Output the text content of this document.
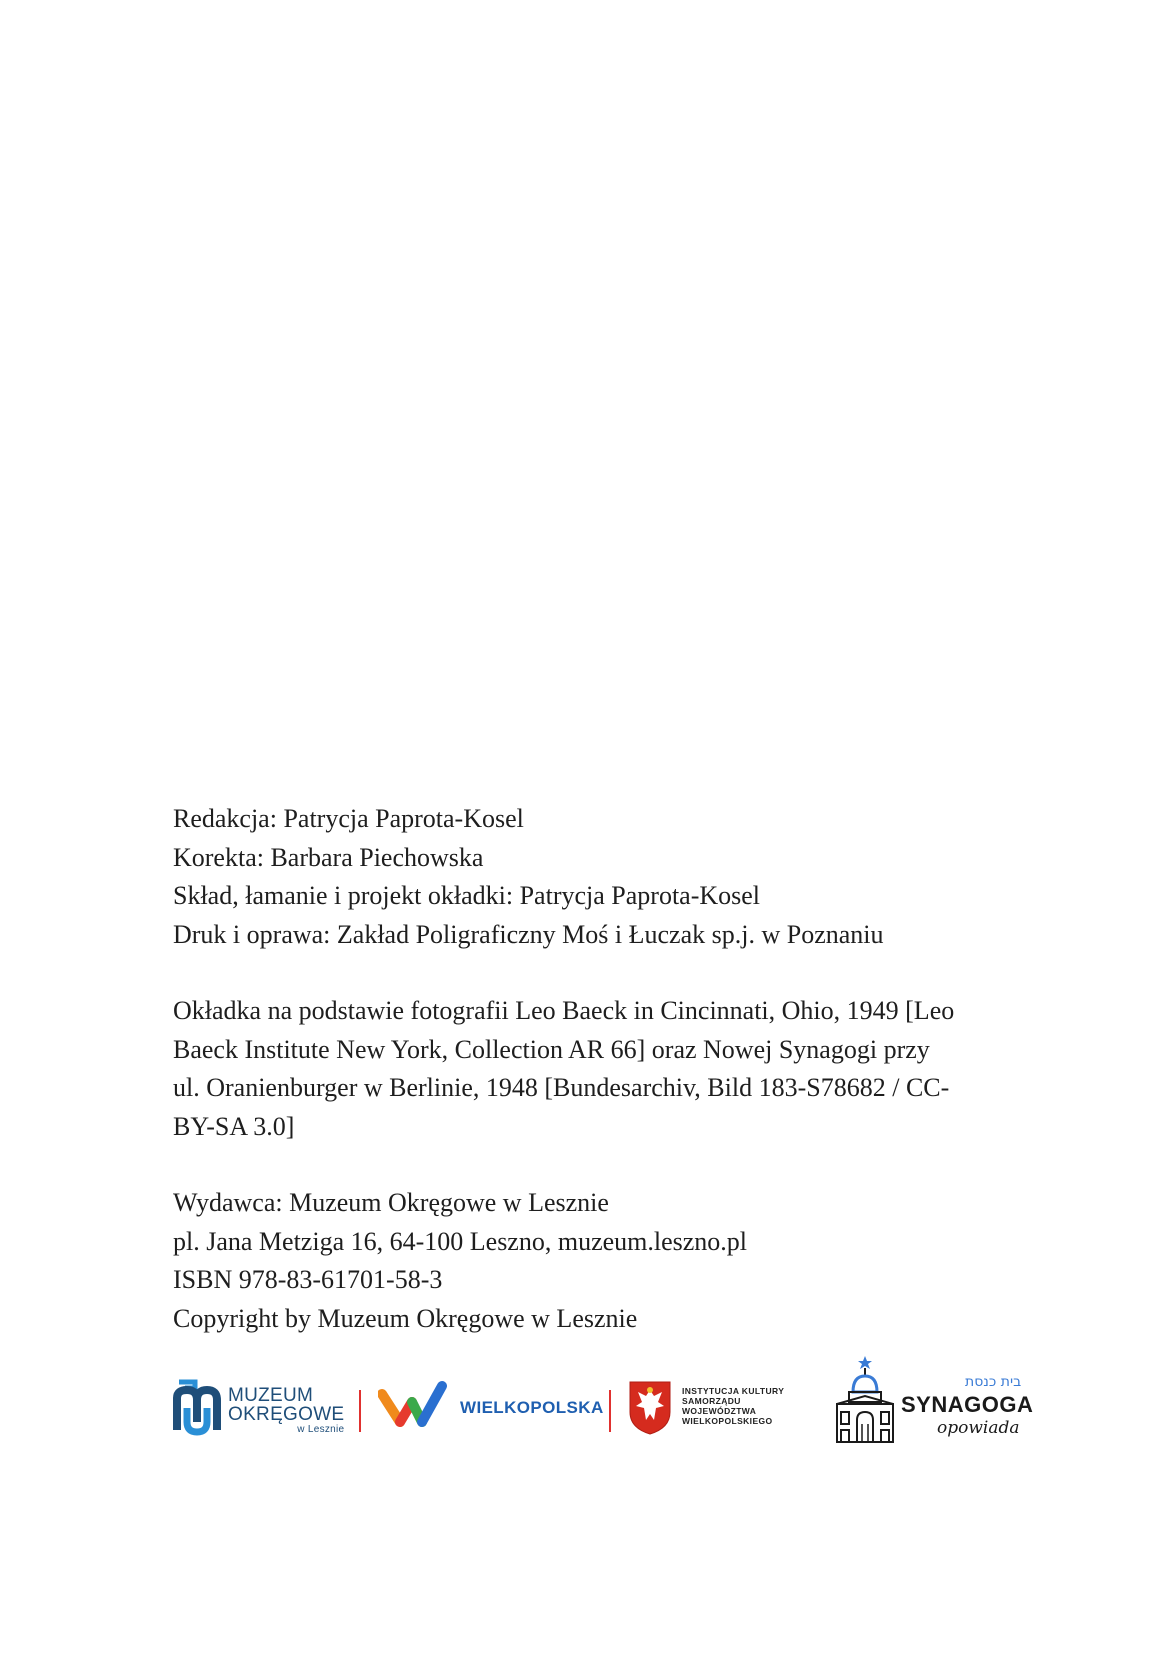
Redakcja: Patrycja Paprota-Kosel

Korekta: Barbara Piechowska

Skład, łamanie i projekt okładki: Patrycja Paprota-Kosel

Druk i oprawa: Zakład Poligraficzny Moś i Łuczak sp.j. w Poznaniu

Okładka na podstawie fotografii Leo Baeck in Cincinnati, Ohio, 1949 [Leo

Baeck Institute New York, Collection AR 66] oraz Nowej Synagogi przy

ul. Oranienburger w Berlinie, 1948 [Bundesarchiv, Bild 183-S78682 / CC-

BY-SA 3.0]

Wydawca: Muzeum Okręgowe w Lesznie

pl. Jana Metziga 16, 64-100 Leszno, muzeum.leszno.pl

ISBN 978-83-61701-58-3

Copyright by Muzeum Okręgowe w Lesznie

MUZEUM
OKRĘGOWE
w Lesznie
WIELKOPOLSKA
INSTYTUCJA KULTURY
SAMORZĄDU
WOJEWÓDZTWA
WIELKOPOLSKIEGO
בית כנסת
SYNAGOGA
opowiada
